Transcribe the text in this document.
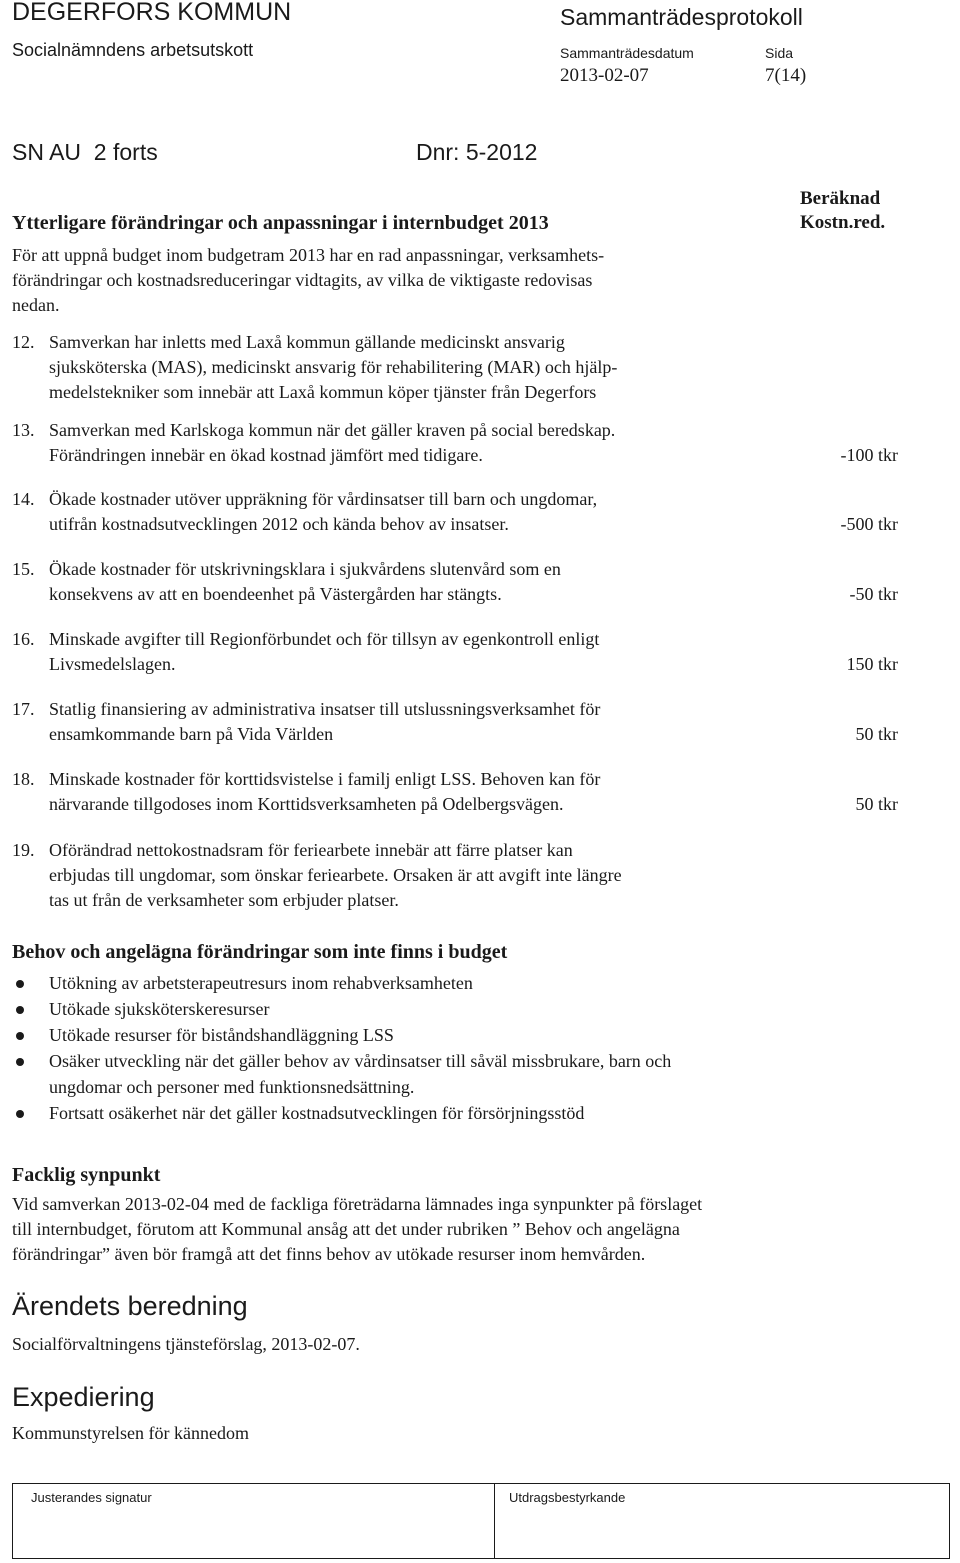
DEGERFORS KOMMUN
Socialnämndens arbetsutskott
Sammanträdesprotokoll
Sammanträdesdatum
2013-02-07
Sida
7(14)
SN AU  2 forts	Dnr: 5-2012
Ytterligare förändringar och anpassningar i internbudget 2013
Beräknad
Kostn.red.
För att uppnå budget inom budgetram 2013 har en rad anpassningar, verksamhets-
förändringar och kostnadsreduceringar vidtagits, av vilka de viktigaste redovisas
nedan.
12. Samverkan har inletts med Laxå kommun gällande medicinskt ansvarig
sjuksköterska (MAS), medicinskt ansvarig för rehabilitering (MAR) och hjälp-
medelstekniker som innebär att Laxå kommun köper tjänster från Degerfors
13. Samverkan med Karlskoga kommun när det gäller kraven på social beredskap.
Förändringen innebär en ökad kostnad jämfört med tidigare.	-100 tkr
14. Ökade kostnader utöver uppräkning för vårdinsatser till barn och ungdomar,
utifrån kostnadsutvecklingen 2012 och kända behov av insatser.	-500 tkr
15. Ökade kostnader för utskrivningsklara i sjukvårdens slutenvård som en
konsekvens av att en boendeenhet på Västergården har stängts.	-50 tkr
16. Minskade avgifter till Regionförbundet och för tillsyn av egenkontroll enligt
Livsmedelslagen.	150 tkr
17. Statlig finansiering av administrativa insatser till utslussningsverksamhet för
ensamkommande barn på Vida Världen	50 tkr
18. Minskade kostnader för korttidsvistelse i familj enligt LSS. Behoven kan för
närvarande tillgodoses inom Korttidsverksamheten på Odelbergsvägen.	50 tkr
19. Oförändrad nettokostnadsram för feriearbete innebär att färre platser kan
erbjudas till ungdomar, som önskar feriearbete. Orsaken är att avgift inte längre
tas ut från de verksamheter som erbjuder platser.
Behov och angelägna förändringar som inte finns i budget
Utökning av arbetsterapeutresurs inom rehabverksamheten
Utökade sjuksköterskeresurser
Utökade resurser för biståndshandläggning LSS
Osäker utveckling när det gäller behov av vårdinsatser till såväl missbrukare, barn och
ungdomar och personer med funktionsnedsättning.
Fortsatt osäkerhet när det gäller kostnadsutvecklingen för försörjningsstöd
Facklig synpunkt
Vid samverkan 2013-02-04 med de fackliga företrädarna lämnades inga synpunkter på förslaget
till internbudget, förutom att Kommunal ansåg att det under rubriken ” Behov och angelägna
förändringar” även bör framgå att det finns behov av utökade resurser inom hemvården.
Ärendets beredning
Socialförvaltningens tjänsteförslag, 2013-02-07.
Expediering
Kommunstyrelsen för kännedom
Justerandes signatur	Utdragsbestyrkande
